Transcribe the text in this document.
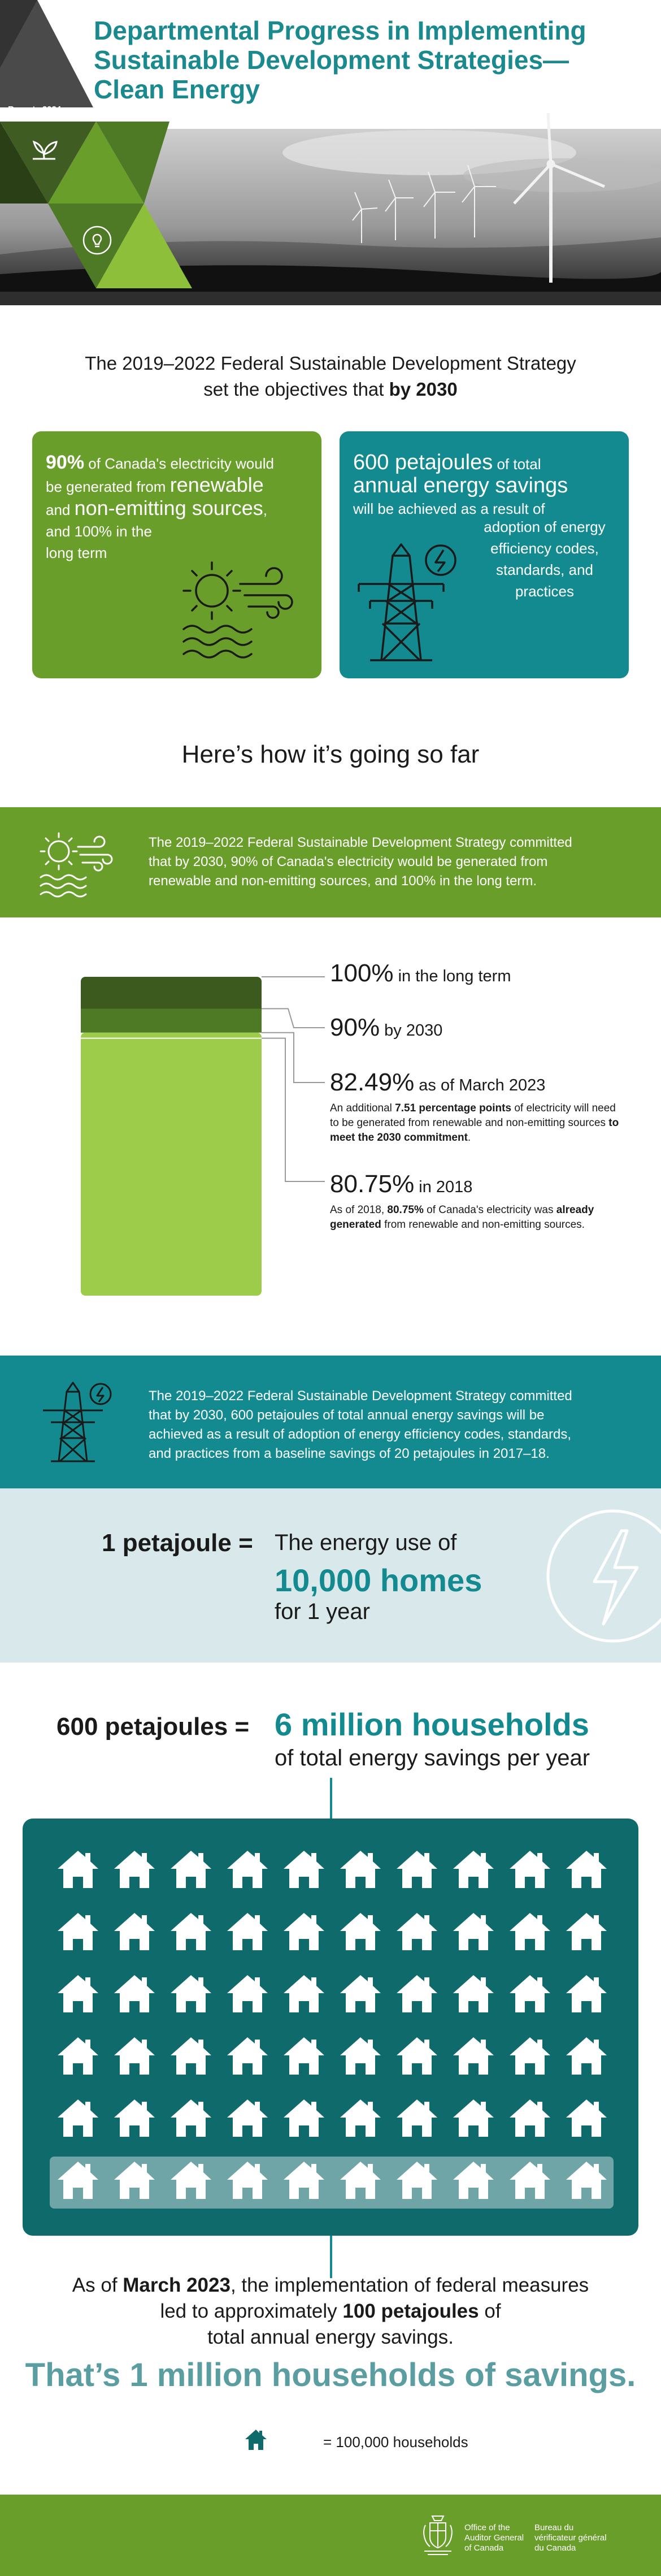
Reports 2024
Departmental Progress in Implementing
Sustainable Development Strategies—
Clean Energy
The 2019–2022 Federal Sustainable Development Strategy
set the objectives that by 2030
90% of Canada's electricity would
be generated from renewable
and non-emitting sources,
and 100% in the
long term
600 petajoules of total
annual energy savings
will be achieved as a result of
adoption of energy
efficiency codes,
standards, and
practices
Here’s how it’s going so far
The 2019–2022 Federal Sustainable Development Strategy committed
that by 2030, 90% of Canada's electricity would be generated from
renewable and non-emitting sources, and 100% in the long term.
100% in the long term
90% by 2030
82.49% as of March 2023
An additional 7.51 percentage points of electricity will need to be generated from renewable and non-emitting sources to meet the 2030 commitment.
80.75% in 2018
As of 2018, 80.75% of Canada's electricity was already generated from renewable and non-emitting sources.
The 2019–2022 Federal Sustainable Development Strategy committed
that by 2030, 600 petajoules of total annual energy savings will be
achieved as a result of adoption of energy efficiency codes, standards,
and practices from a baseline savings of 20 petajoules in 2017–18.
1 petajoule = The energy use of
10,000 homes
for 1 year
600 petajoules = 6 million households
of total energy savings per year
As of March 2023, the implementation of federal measures
led to approximately 100 petajoules of
total annual energy savings.
That’s 1 million households of savings.
= 100,000 households
Office of the
Auditor General
of Canada
Bureau du
vérificateur général
du Canada
